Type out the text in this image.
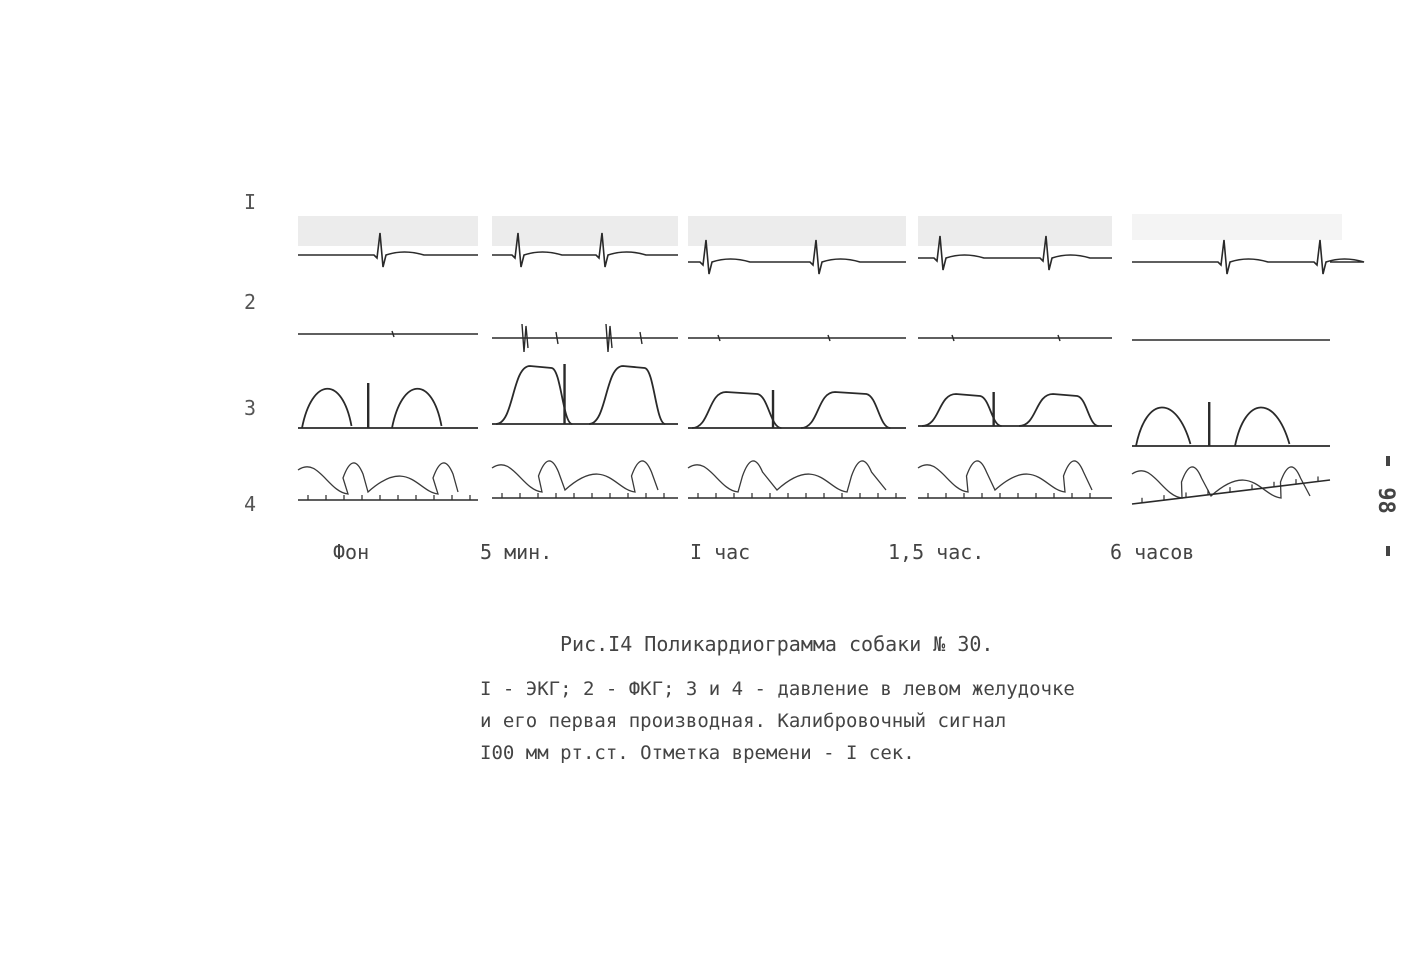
I
2
3
4
Фон	5 мин.	I час	1,5 час.	6 часов
98
Рис.I4 Поликардиограмма собаки № 30.
I - ЭКГ; 2 - ФКГ; 3 и 4 - давление в левом желудочке
и его первая производная. Калибровочный сигнал
I00 мм рт.ст. Отметка времени - I сек.
